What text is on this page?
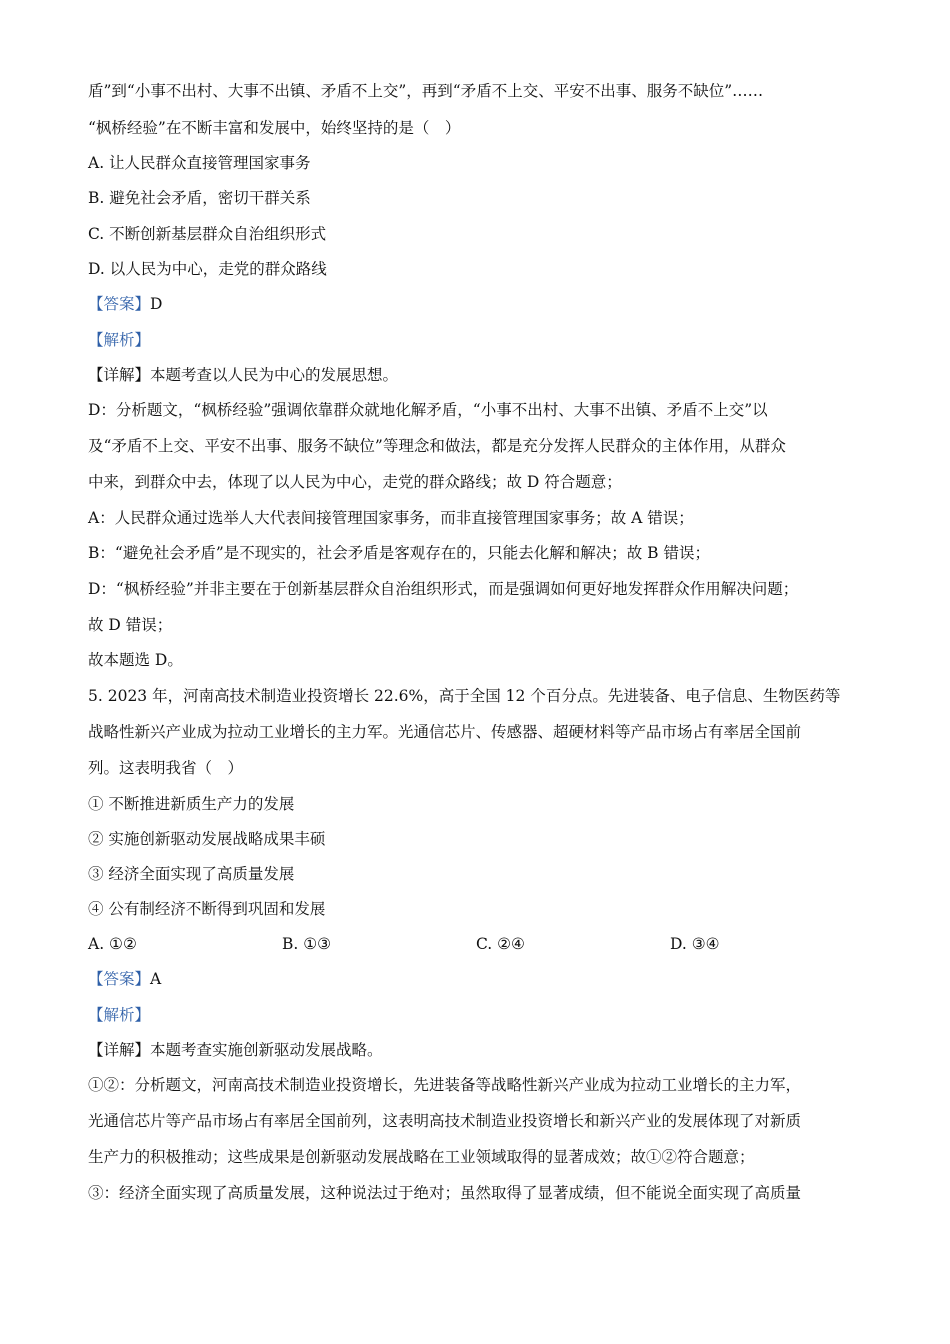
盾”到“小事不出村、大事不出镇、矛盾不上交”，再到“矛盾不上交、平安不出事、服务不缺位”……
“枫桥经验”在不断丰富和发展中，始终坚持的是（　）
A. 让人民群众直接管理国家事务
B. 避免社会矛盾，密切干群关系
C. 不断创新基层群众自治组织形式
D. 以人民为中心，走党的群众路线
【答案】D
【解析】
【详解】本题考查以人民为中心的发展思想。
D：分析题文，“枫桥经验”强调依靠群众就地化解矛盾，“小事不出村、大事不出镇、矛盾不上交”以
及“矛盾不上交、平安不出事、服务不缺位”等理念和做法，都是充分发挥人民群众的主体作用，从群众
中来，到群众中去，体现了以人民为中心，走党的群众路线；故 D 符合题意；
A：人民群众通过选举人大代表间接管理国家事务，而非直接管理国家事务；故 A 错误；
B：“避免社会矛盾”是不现实的，社会矛盾是客观存在的，只能去化解和解决；故 B 错误；
D：“枫桥经验”并非主要在于创新基层群众自治组织形式，而是强调如何更好地发挥群众作用解决问题；
故 D 错误；
故本题选 D。
5. 2023 年，河南高技术制造业投资增长 22.6%，高于全国 12 个百分点。先进装备、电子信息、生物医药等
战略性新兴产业成为拉动工业增长的主力军。光通信芯片、传感器、超硬材料等产品市场占有率居全国前
列。这表明我省（　）
① 不断推进新质生产力的发展
② 实施创新驱动发展战略成果丰硕
③ 经济全面实现了高质量发展
④ 公有制经济不断得到巩固和发展
A. ①②	B. ①③	C. ②④	D. ③④
【答案】A
【解析】
【详解】本题考查实施创新驱动发展战略。
①②：分析题文，河南高技术制造业投资增长，先进装备等战略性新兴产业成为拉动工业增长的主力军，
光通信芯片等产品市场占有率居全国前列，这表明高技术制造业投资增长和新兴产业的发展体现了对新质
生产力的积极推动；这些成果是创新驱动发展战略在工业领域取得的显著成效；故①②符合题意；
③：经济全面实现了高质量发展，这种说法过于绝对；虽然取得了显著成绩，但不能说全面实现了高质量
